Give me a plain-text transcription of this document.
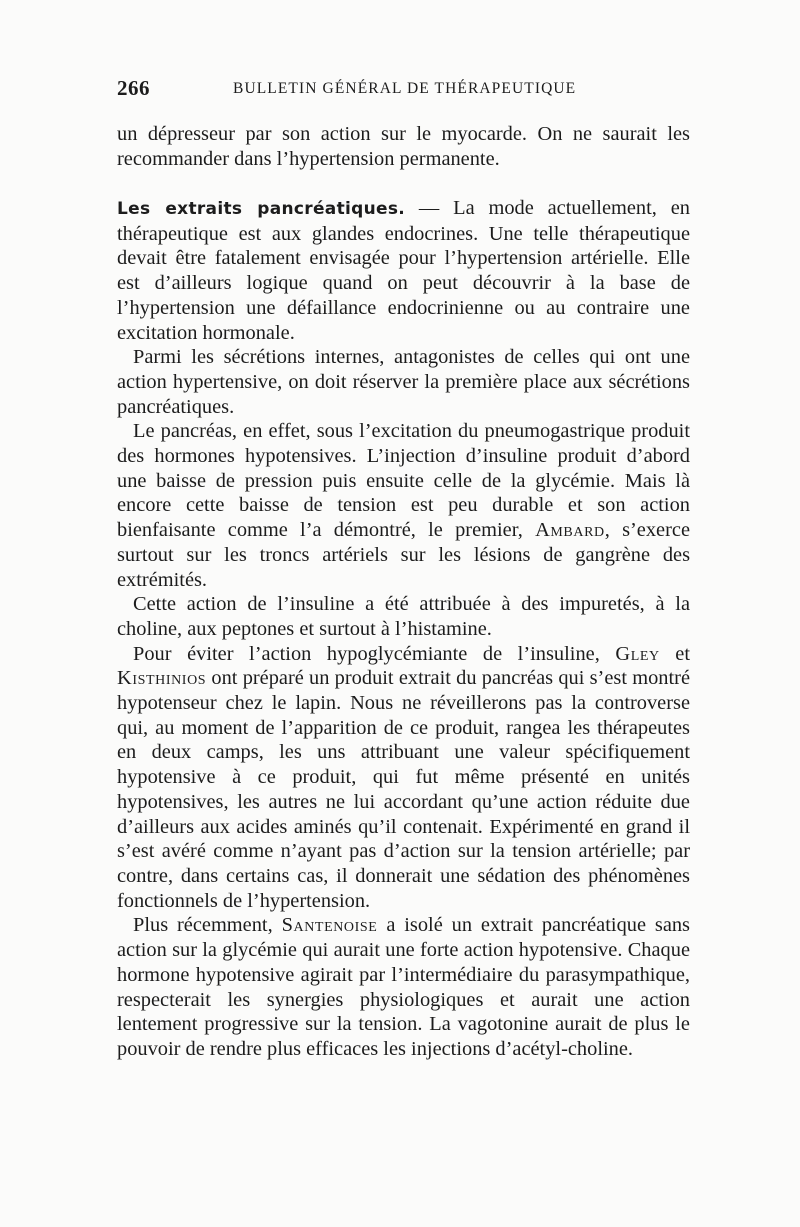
266	BULLETIN GÉNÉRAL DE THÉRAPEUTIQUE

un dépresseur par son action sur le myocarde. On ne saurait les recommander dans l’hypertension permanente.

Les extraits pancréatiques. — La mode actuellement, en thérapeutique est aux glandes endocrines. Une telle thérapeutique devait être fatalement envisagée pour l’hypertension artérielle. Elle est d’ailleurs logique quand on peut découvrir à la base de l’hypertension une défaillance endocrinienne ou au contraire une excitation hormonale.

Parmi les sécrétions internes, antagonistes de celles qui ont une action hypertensive, on doit réserver la première place aux sécrétions pancréatiques.

Le pancréas, en effet, sous l’excitation du pneumogastrique produit des hormones hypotensives. L’injection d’insuline produit d’abord une baisse de pression puis ensuite celle de la glycémie. Mais là encore cette baisse de tension est peu durable et son action bienfaisante comme l’a démontré, le premier, Ambard, s’exerce surtout sur les troncs artériels sur les lésions de gangrène des extrémités.

Cette action de l’insuline a été attribuée à des impuretés, à la choline, aux peptones et surtout à l’histamine.

Pour éviter l’action hypoglycémiante de l’insuline, Gley et Kisthinios ont préparé un produit extrait du pancréas qui s’est montré hypotenseur chez le lapin. Nous ne réveillerons pas la controverse qui, au moment de l’apparition de ce produit, rangea les thérapeutes en deux camps, les uns attribuant une valeur spécifiquement hypotensive à ce produit, qui fut même présenté en unités hypotensives, les autres ne lui accordant qu’une action réduite due d’ailleurs aux acides aminés qu’il contenait. Expérimenté en grand il s’est avéré comme n’ayant pas d’action sur la tension artérielle; par contre, dans certains cas, il donnerait une sédation des phénomènes fonctionnels de l’hypertension.

Plus récemment, Santenoise a isolé un extrait pancréatique sans action sur la glycémie qui aurait une forte action hypotensive. Chaque hormone hypotensive agirait par l’intermédiaire du parasympathique, respecterait les synergies physiologiques et aurait une action lentement progressive sur la tension. La vagotonine aurait de plus le pouvoir de rendre plus efficaces les injections d’acétyl-choline.
